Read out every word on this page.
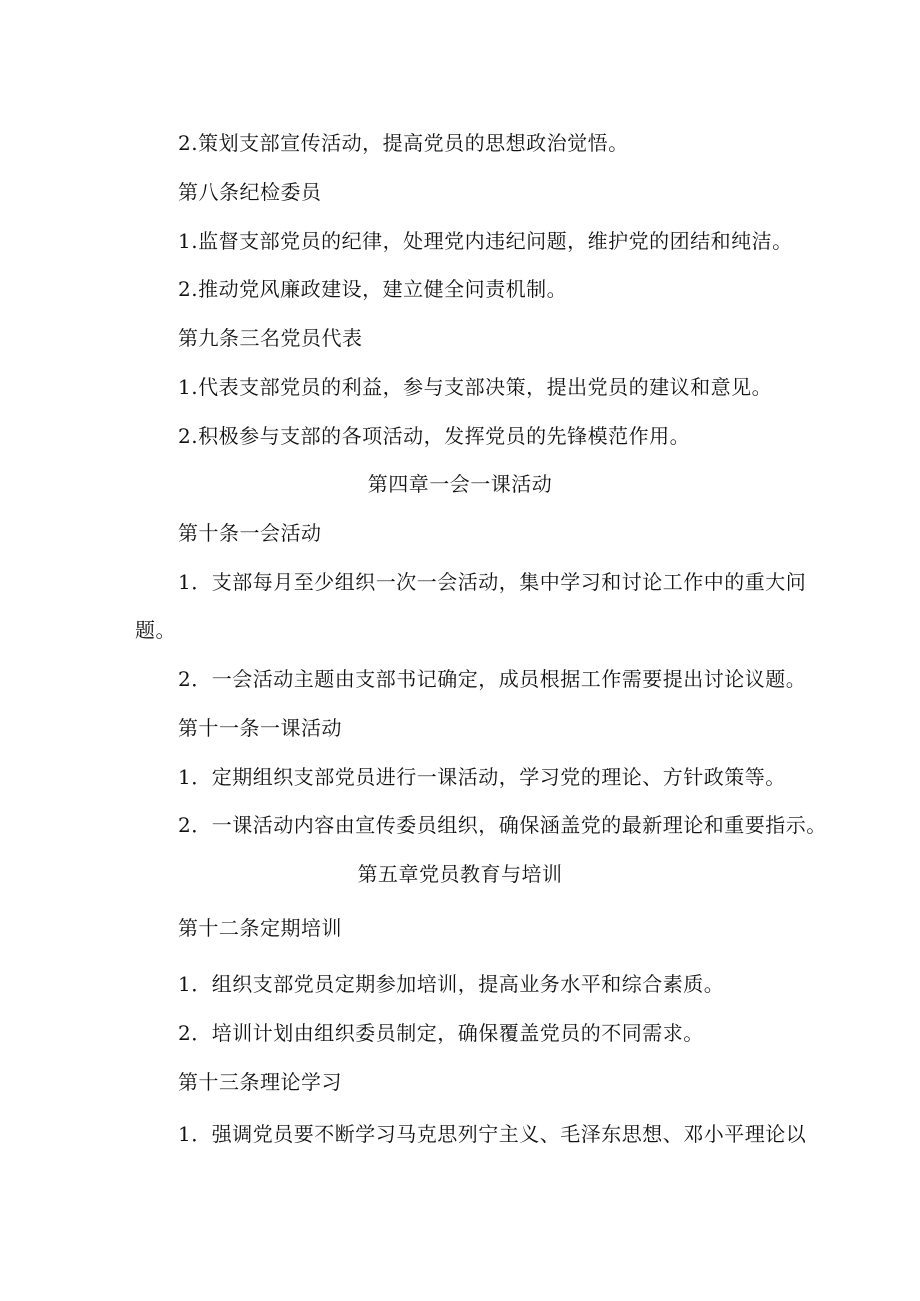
2.策划支部宣传活动，提高党员的思想政治觉悟。
第八条纪检委员
1.监督支部党员的纪律，处理党内违纪问题，维护党的团结和纯洁。
2.推动党风廉政建设，建立健全问责机制。
第九条三名党员代表
1.代表支部党员的利益，参与支部决策，提出党员的建议和意见。
2.积极参与支部的各项活动，发挥党员的先锋模范作用。
第四章一会一课活动
第十条一会活动
1．支部每月至少组织一次一会活动，集中学习和讨论工作中的重大问
题。
2．一会活动主题由支部书记确定，成员根据工作需要提出讨论议题。
第十一条一课活动
1．定期组织支部党员进行一课活动，学习党的理论、方针政策等。
2．一课活动内容由宣传委员组织，确保涵盖党的最新理论和重要指示。
第五章党员教育与培训
第十二条定期培训
1．组织支部党员定期参加培训，提高业务水平和综合素质。
2．培训计划由组织委员制定，确保覆盖党员的不同需求。
第十三条理论学习
1．强调党员要不断学习马克思列宁主义、毛泽东思想、邓小平理论以
